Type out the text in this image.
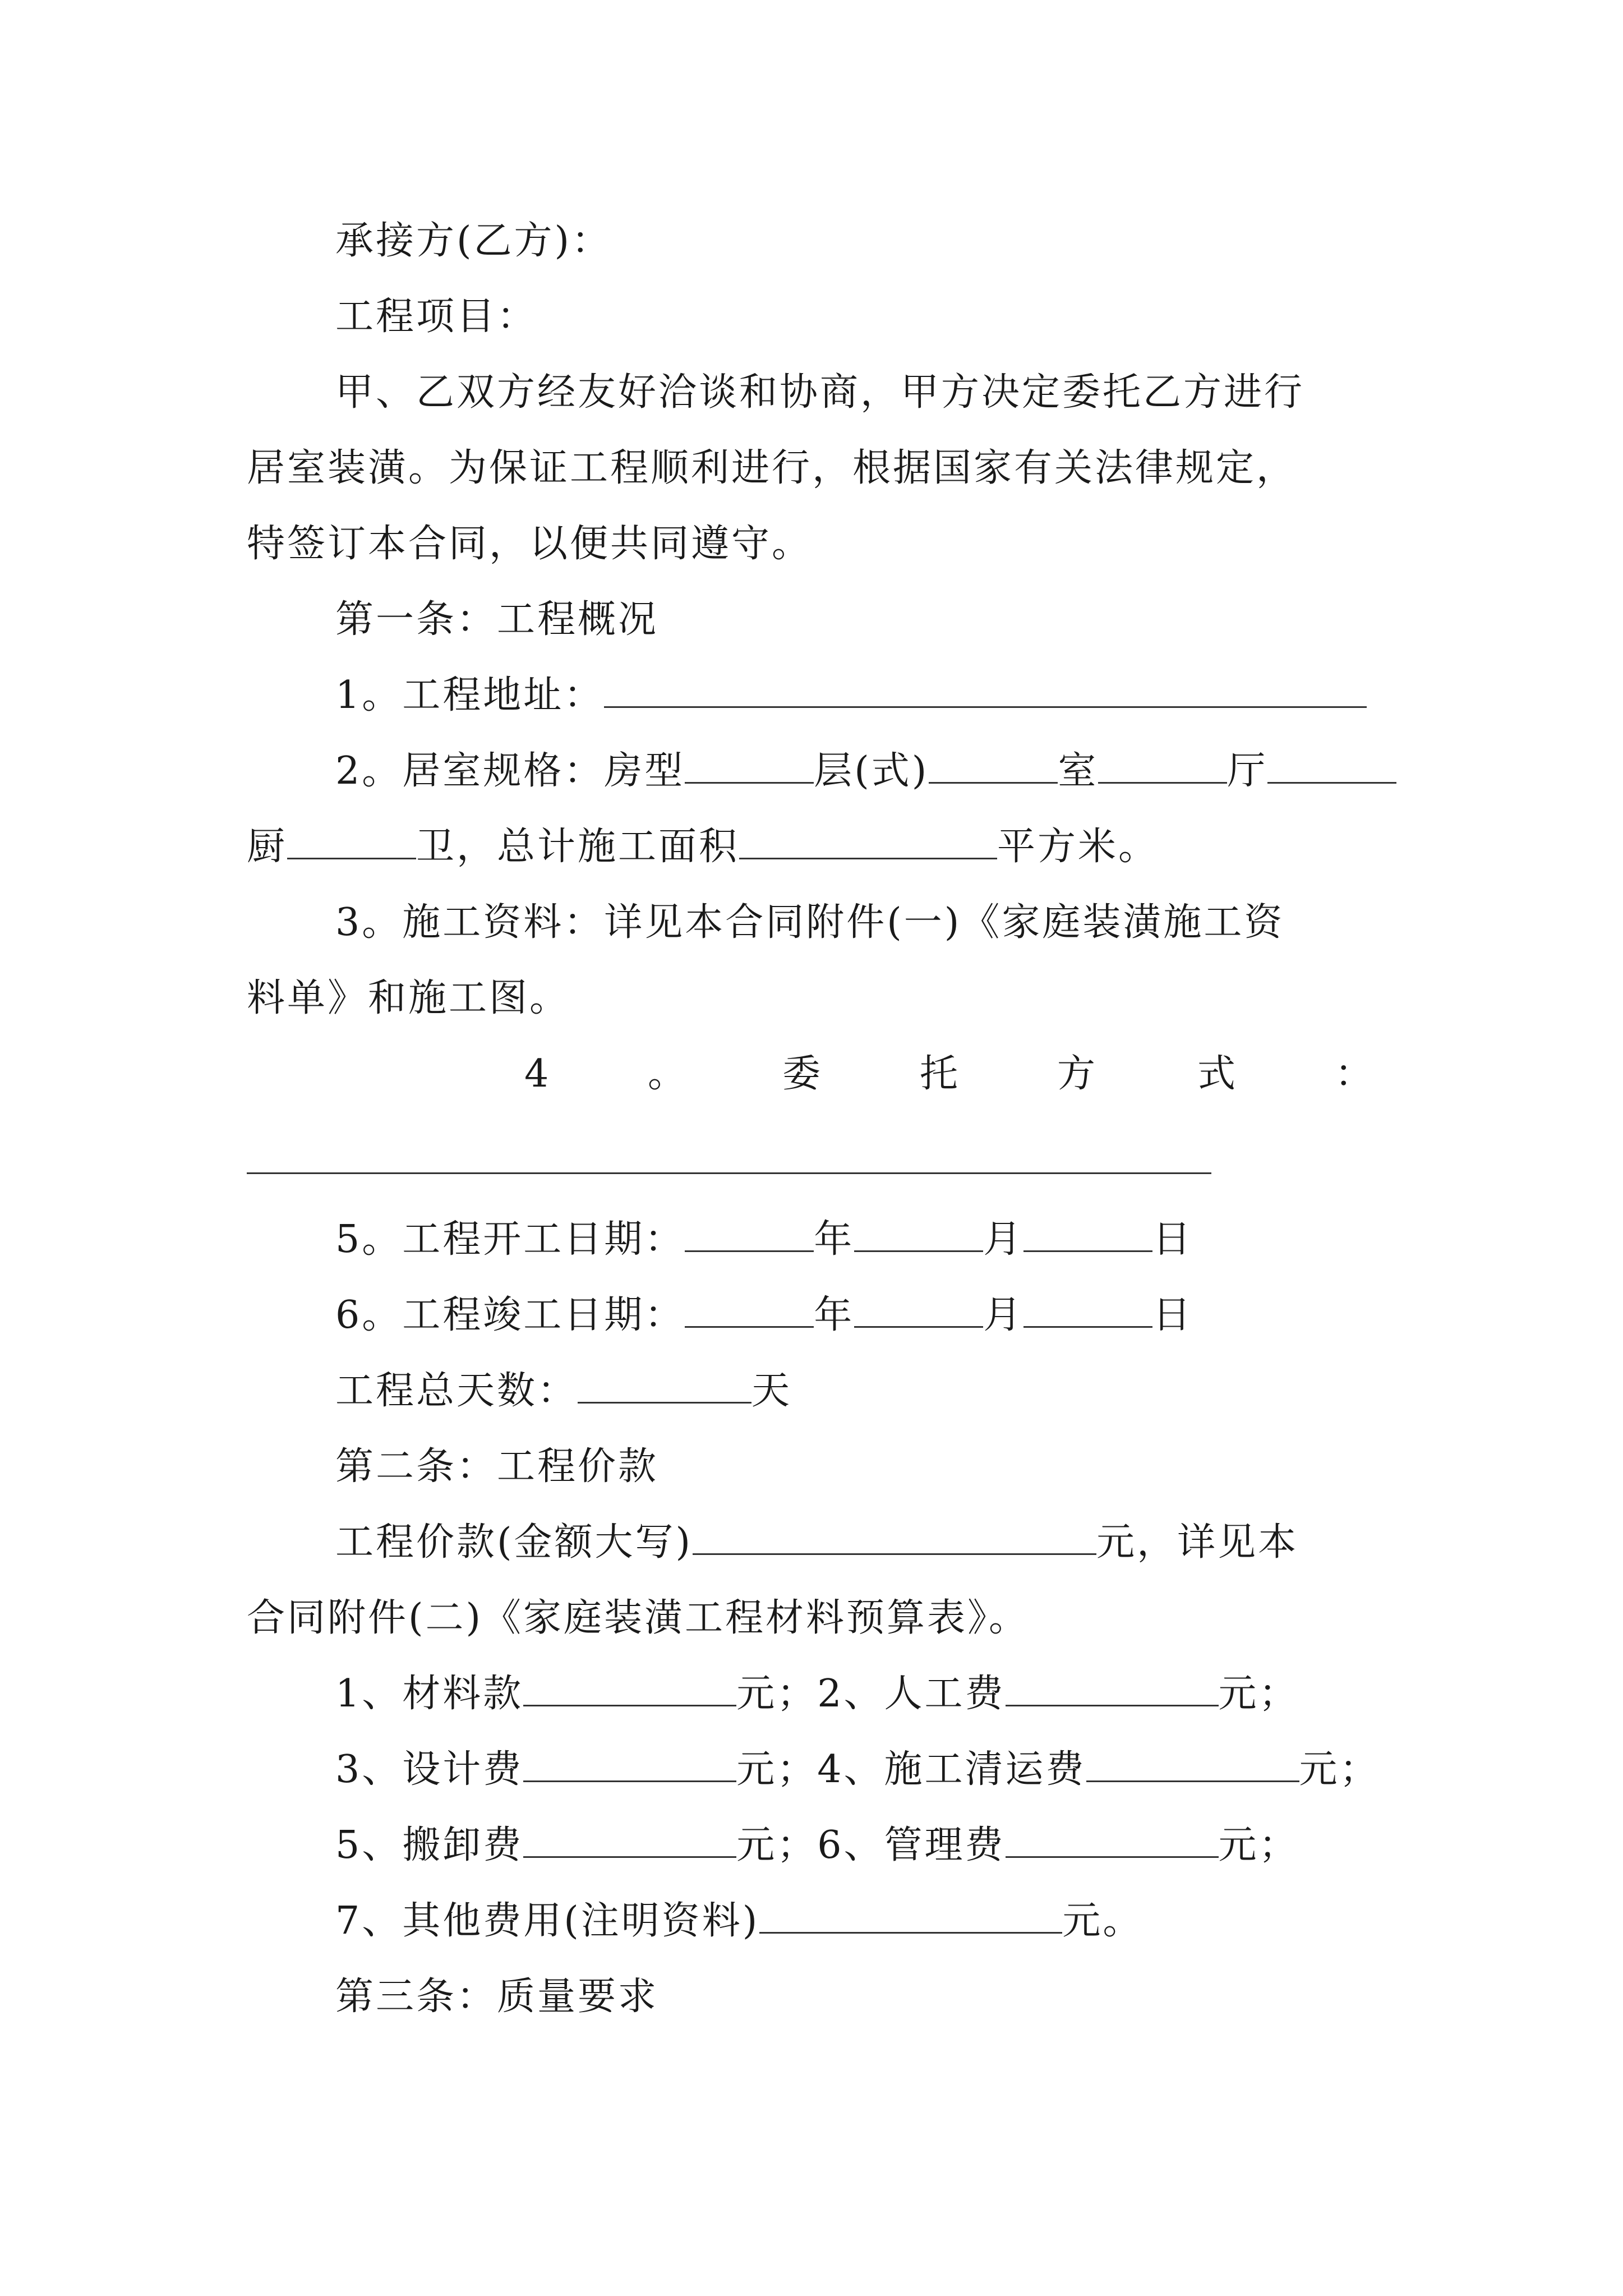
承接方(乙方)：
工程项目：
甲、乙双方经友好洽谈和协商，甲方决定委托乙方进行
居室装潢。为保证工程顺利进行，根据国家有关法律规定，
特签订本合同，以便共同遵守。
第一条：工程概况
1。工程地址：
2。居室规格：房型	层(式)	室	厅
厨	卫，总计施工面积	平方米。
3。施工资料：详见本合同附件(一)《家庭装潢施工资
料单》和施工图。
4	。	委	托	方	式	：
5。工程开工日期：	年	月	日
6。工程竣工日期：	年	月	日
工程总天数：	天
第二条：工程价款
工程价款(金额大写)	元，详见本
合同附件(二)《家庭装潢工程材料预算表》。
1、材料款	元；2、人工费	元；
3、设计费	元；4、施工清运费	元；
5、搬卸费	元；6、管理费	元；
7、其他费用(注明资料)	元。
第三条：质量要求
